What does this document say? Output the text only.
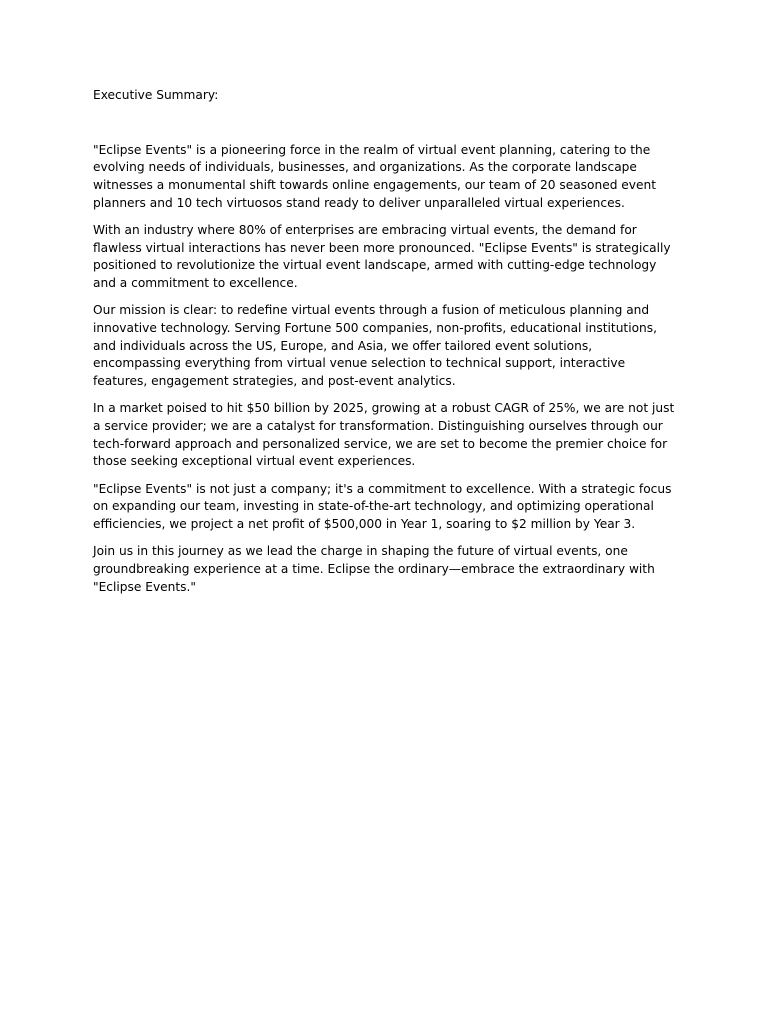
Executive Summary:

"Eclipse Events" is a pioneering force in the realm of virtual event planning, catering to the evolving needs of individuals, businesses, and organizations. As the corporate landscape witnesses a monumental shift towards online engagements, our team of 20 seasoned event planners and 10 tech virtuosos stand ready to deliver unparalleled virtual experiences.

With an industry where 80% of enterprises are embracing virtual events, the demand for flawless virtual interactions has never been more pronounced. "Eclipse Events" is strategically positioned to revolutionize the virtual event landscape, armed with cutting-edge technology and a commitment to excellence.

Our mission is clear: to redefine virtual events through a fusion of meticulous planning and innovative technology. Serving Fortune 500 companies, non-profits, educational institutions, and individuals across the US, Europe, and Asia, we offer tailored event solutions, encompassing everything from virtual venue selection to technical support, interactive features, engagement strategies, and post-event analytics.

In a market poised to hit $50 billion by 2025, growing at a robust CAGR of 25%, we are not just a service provider; we are a catalyst for transformation. Distinguishing ourselves through our tech-forward approach and personalized service, we are set to become the premier choice for those seeking exceptional virtual event experiences.

"Eclipse Events" is not just a company; it's a commitment to excellence. With a strategic focus on expanding our team, investing in state-of-the-art technology, and optimizing operational efficiencies, we project a net profit of $500,000 in Year 1, soaring to $2 million by Year 3.

Join us in this journey as we lead the charge in shaping the future of virtual events, one groundbreaking experience at a time. Eclipse the ordinary—embrace the extraordinary with "Eclipse Events."
